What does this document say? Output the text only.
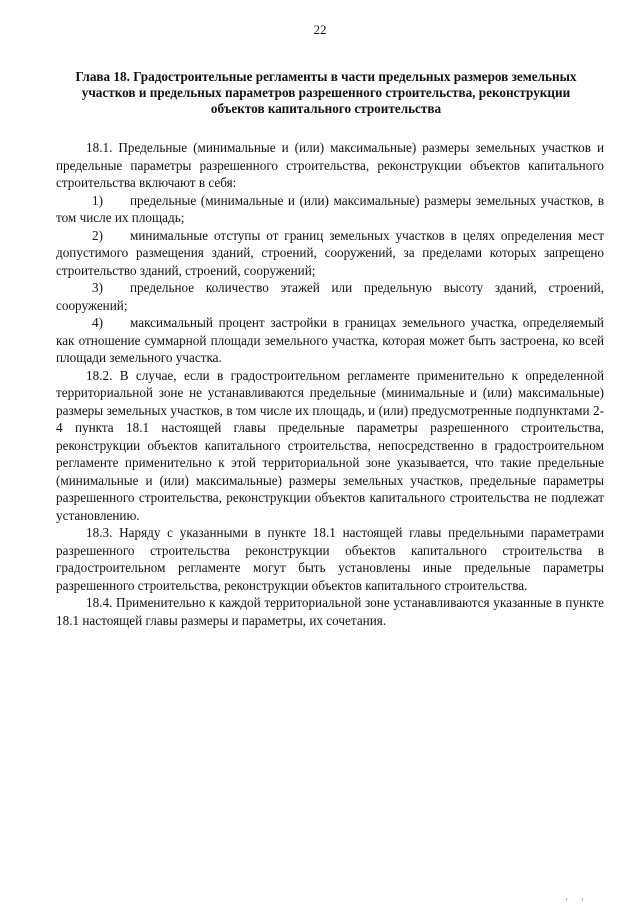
22
Глава 18. Градостроительные регламенты в части предельных размеров земельных участков и предельных параметров разрешенного строительства, реконструкции объектов капитального строительства

18.1. Предельные (минимальные и (или) максимальные) размеры земельных участков и предельные параметры разрешенного строительства, реконструкции объектов капитального строительства включают в себя:

1) предельные (минимальные и (или) максимальные) размеры земельных участков, в том числе их площадь;

2) минимальные отступы от границ земельных участков в целях определения мест допустимого размещения зданий, строений, сооружений, за пределами которых запрещено строительство зданий, строений, сооружений;

3) предельное количество этажей или предельную высоту зданий, строений, сооружений;

4) максимальный процент застройки в границах земельного участка, определяемый как отношение суммарной площади земельного участка, которая может быть застроена, ко всей площади земельного участка.

18.2. В случае, если в градостроительном регламенте применительно к определенной территориальной зоне не устанавливаются предельные (минимальные и (или) максимальные) размеры земельных участков, в том числе их площадь, и (или) предусмотренные подпунктами 2-4 пункта 18.1 настоящей главы предельные параметры разрешенного строительства, реконструкции объектов капитального строительства, непосредственно в градостроительном регламенте применительно к этой территориальной зоне указывается, что такие предельные (минимальные и (или) максимальные) размеры земельных участков, предельные параметры разрешенного строительства, реконструкции объектов капитального строительства не подлежат установлению.

18.3. Наряду с указанными в пункте 18.1 настоящей главы предельными параметрами разрешенного строительства реконструкции объектов капитального строительства в градостроительном регламенте могут быть установлены иные предельные параметры разрешенного строительства, реконструкции объектов капитального строительства.

18.4. Применительно к каждой территориальной зоне устанавливаются указанные в пункте 18.1 настоящей главы размеры и параметры, их сочетания.

' '
